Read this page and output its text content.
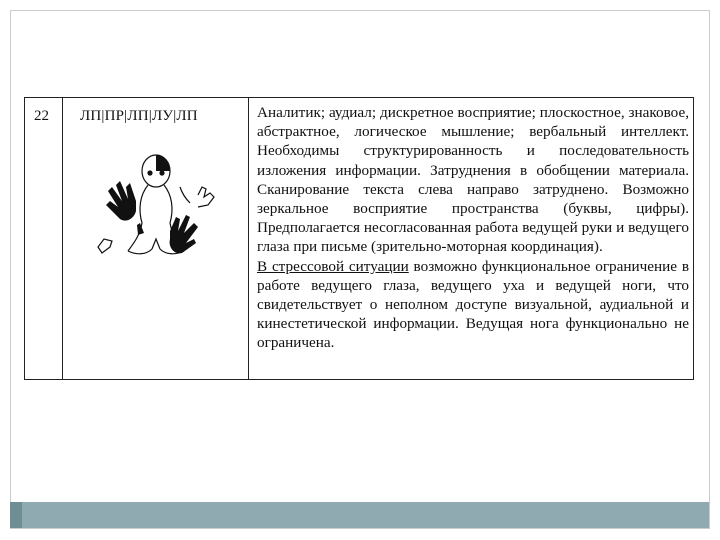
22 ЛП|ПР|ЛП|ЛУ|ЛП	Аналитик; аудиал; дискретное восприятие; плоскостное, знаковое, абстрактное, логическое мышление; вербальный интеллект. Необходимы структурированность и последовательность изложения информации. Затруднения в обобщении материала. Сканирование текста слева направо затруднено. Возможно зеркальное восприятие пространства (буквы, цифры). Предполагается несогласованная работа ведущей руки и ведущего глаза при письме (зрительно-моторная координация).

В стрессовой ситуации возможно функциональное ограничение в работе ведущего глаза, ведущего уха и ведущей ноги, что свидетельствует о неполном доступе визуальной, аудиальной и кинестетической информации. Ведущая нога функционально не ограничена.
